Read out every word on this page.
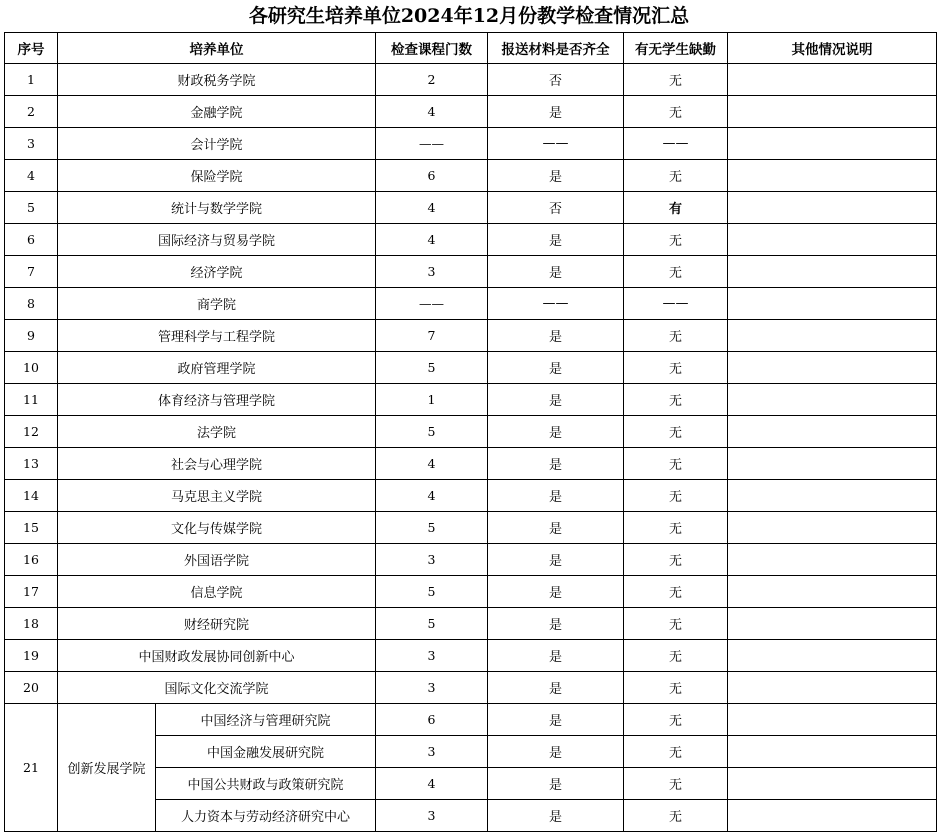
各研究生培养单位2024年12月份教学检查情况汇总
序号	培养单位		检查课程门数	报送材料是否齐全	有无学生缺勤	其他情况说明
1	财政税务学院		2	否	无	
2	金融学院		4	是	无	
3	会计学院		——	——	——	
4	保险学院		6	是	无	
5	统计与数学学院		4	否	有	
6	国际经济与贸易学院		4	是	无	
7	经济学院		3	是	无	
8	商学院		——	——	——	
9	管理科学与工程学院		7	是	无	
10	政府管理学院		5	是	无	
11	体育经济与管理学院		1	是	无	
12	法学院		5	是	无	
13	社会与心理学院		4	是	无	
14	马克思主义学院		4	是	无	
15	文化与传媒学院		5	是	无	
16	外国语学院		3	是	无	
17	信息学院		5	是	无	
18	财经研究院		5	是	无	
19	中国财政发展协同创新中心		3	是	无	
20	国际文化交流学院		3	是	无	
21	创新发展学院	中国经济与管理研究院	6	是	无	
		中国金融发展研究院	3	是	无	
		中国公共财政与政策研究院	4	是	无	
		人力资本与劳动经济研究中心	3	是	无	
